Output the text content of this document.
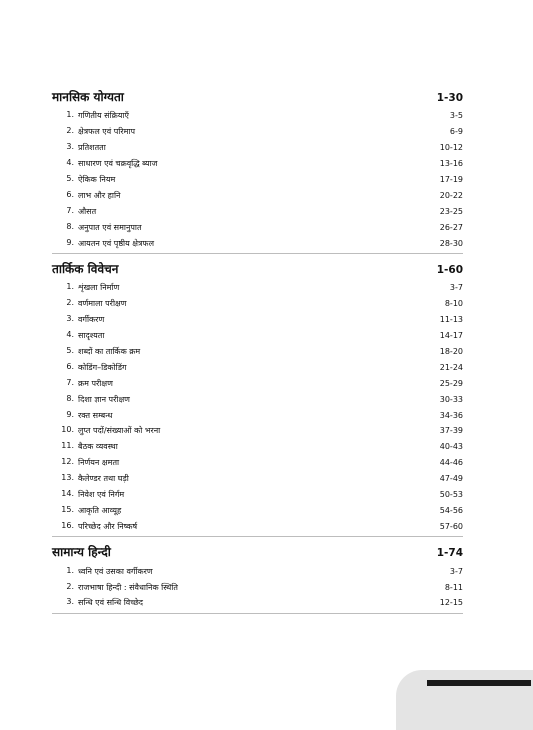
मानसिक योग्यता	1-30
1. गणितीय संक्रियाएँ	3-5
2. क्षेत्रफल एवं परिमाप	6-9
3. प्रतिशतता	10-12
4. साधारण एवं चक्रवृद्धि ब्याज	13-16
5. ऐकिक नियम	17-19
6. लाभ और हानि	20-22
7. औसत	23-25
8. अनुपात एवं समानुपात	26-27
9. आयतन एवं पृष्ठीय क्षेत्रफल	28-30
तार्किक विवेचन	1-60
1. शृंखला निर्माण	3-7
2. वर्णमाला परीक्षण	8-10
3. वर्गीकरण	11-13
4. सादृश्यता	14-17
5. शब्दों का तार्किक क्रम	18-20
6. कोडिंग–डिकोडिंग	21-24
7. क्रम परीक्षण	25-29
8. दिशा ज्ञान परीक्षण	30-33
9. रक्त सम्बन्ध	34-36
10. लुप्त पदों/संख्याओं को भरना	37-39
11. बैठक व्यवस्था	40-43
12. निर्णयन क्षमता	44-46
13. कैलेण्डर तथा घड़ी	47-49
14. निवेश एवं निर्गम	50-53
15. आकृति आव्यूह	54-56
16. परिच्छेद और निष्कर्ष	57-60
सामान्य हिन्दी	1-74
1. ध्वनि एवं उसका वर्गीकरण	3-7
2. राजभाषा हिन्दी : संवैधानिक स्थिति	8-11
3. सन्धि एवं सन्धि विच्छेद	12-15
